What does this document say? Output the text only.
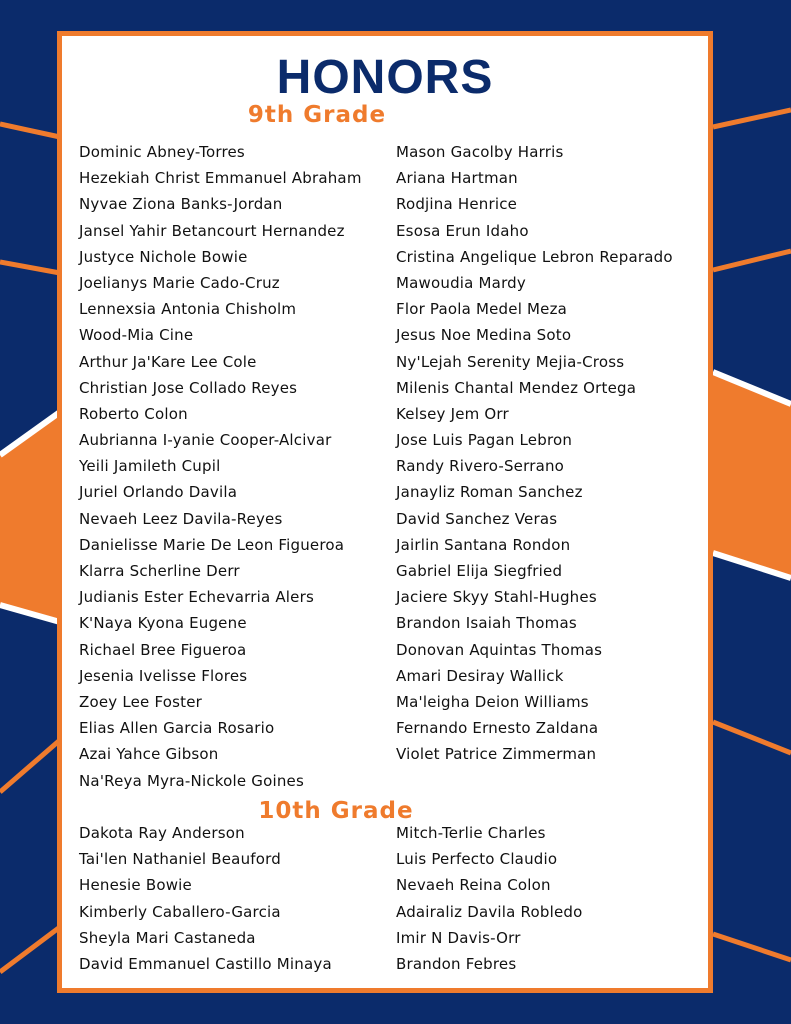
HONORS
9th Grade
Dominic Abney-Torres
Hezekiah Christ Emmanuel Abraham
Nyvae Ziona Banks-Jordan
Jansel Yahir Betancourt Hernandez
Justyce Nichole Bowie
Joelianys Marie Cado-Cruz
Lennexsia Antonia Chisholm
Wood-Mia Cine
Arthur Ja'Kare Lee Cole
Christian Jose Collado Reyes
Roberto Colon
Aubrianna I-yanie Cooper-Alcivar
Yeili Jamileth Cupil
Juriel Orlando Davila
Nevaeh Leez Davila-Reyes
Danielisse Marie De Leon Figueroa
Klarra Scherline Derr
Judianis Ester Echevarria Alers
K'Naya Kyona Eugene
Richael Bree Figueroa
Jesenia Ivelisse Flores
Zoey Lee Foster
Elias Allen Garcia Rosario
Azai Yahce Gibson
Na'Reya Myra-Nickole Goines
Mason Gacolby Harris
Ariana Hartman
Rodjina Henrice
Esosa Erun Idaho
Cristina Angelique Lebron Reparado
Mawoudia Mardy
Flor Paola Medel Meza
Jesus Noe Medina Soto
Ny'Lejah Serenity Mejia-Cross
Milenis Chantal Mendez Ortega
Kelsey Jem Orr
Jose Luis Pagan Lebron
Randy Rivero-Serrano
Janayliz Roman Sanchez
David Sanchez Veras
Jairlin Santana Rondon
Gabriel Elija Siegfried
Jaciere Skyy Stahl-Hughes
Brandon Isaiah Thomas
Donovan Aquintas Thomas
Amari Desiray Wallick
Ma'leigha Deion Williams
Fernando Ernesto Zaldana
Violet Patrice Zimmerman
10th Grade
Dakota Ray Anderson
Tai'len Nathaniel Beauford
Henesie Bowie
Kimberly Caballero-Garcia
Sheyla Mari Castaneda
David Emmanuel Castillo Minaya
Mitch-Terlie Charles
Luis Perfecto Claudio
Nevaeh Reina Colon
Adairaliz Davila Robledo
Imir N Davis-Orr
Brandon Febres
